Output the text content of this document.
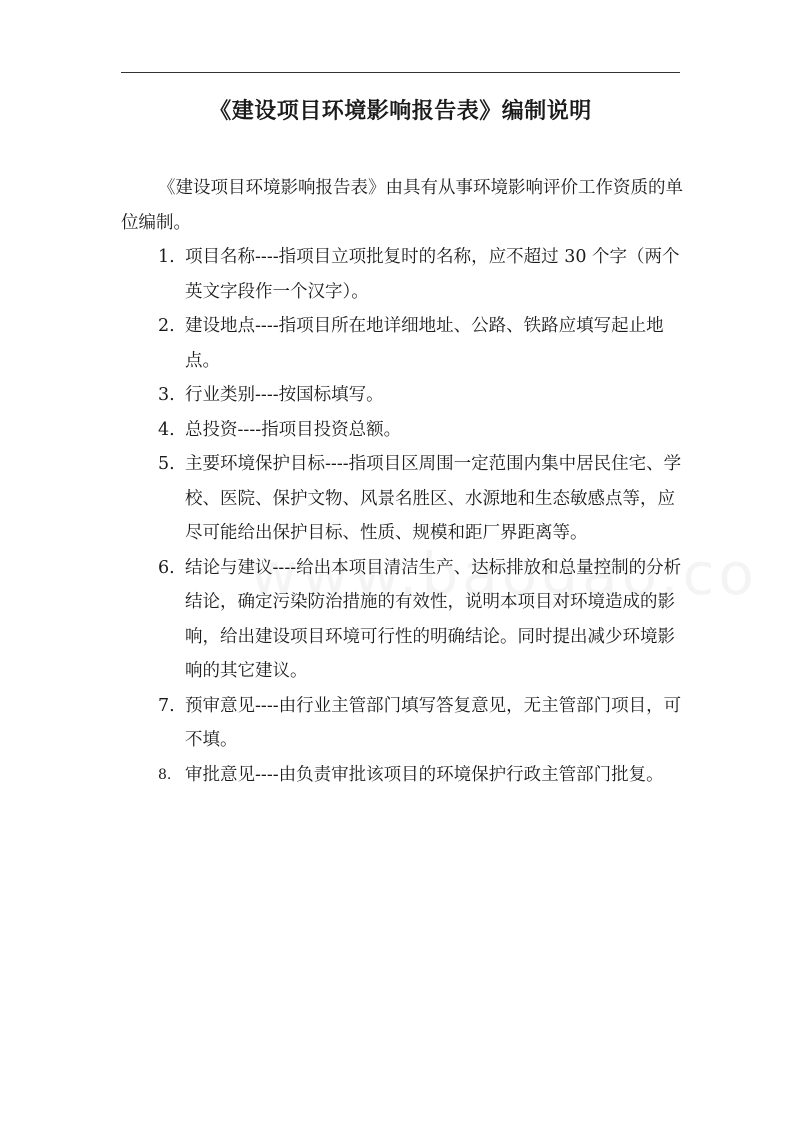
《建设项目环境影响报告表》编制说明

《建设项目环境影响报告表》由具有从事环境影响评价工作资质的单位编制。

1. 项目名称----指项目立项批复时的名称，应不超过 30 个字（两个英文字段作一个汉字）。
2. 建设地点----指项目所在地详细地址、公路、铁路应填写起止地点。
3. 行业类别----按国标填写。
4. 总投资----指项目投资总额。
5. 主要环境保护目标----指项目区周围一定范围内集中居民住宅、学校、医院、保护文物、风景名胜区、水源地和生态敏感点等，应尽可能给出保护目标、性质、规模和距厂界距离等。
6. 结论与建议----给出本项目清洁生产、达标排放和总量控制的分析结论，确定污染防治措施的有效性，说明本项目对环境造成的影响，给出建设项目环境可行性的明确结论。同时提出减少环境影响的其它建议。
7. 预审意见----由行业主管部门填写答复意见，无主管部门项目，可不填。
8. 审批意见----由负责审批该项目的环境保护行政主管部门批复。
